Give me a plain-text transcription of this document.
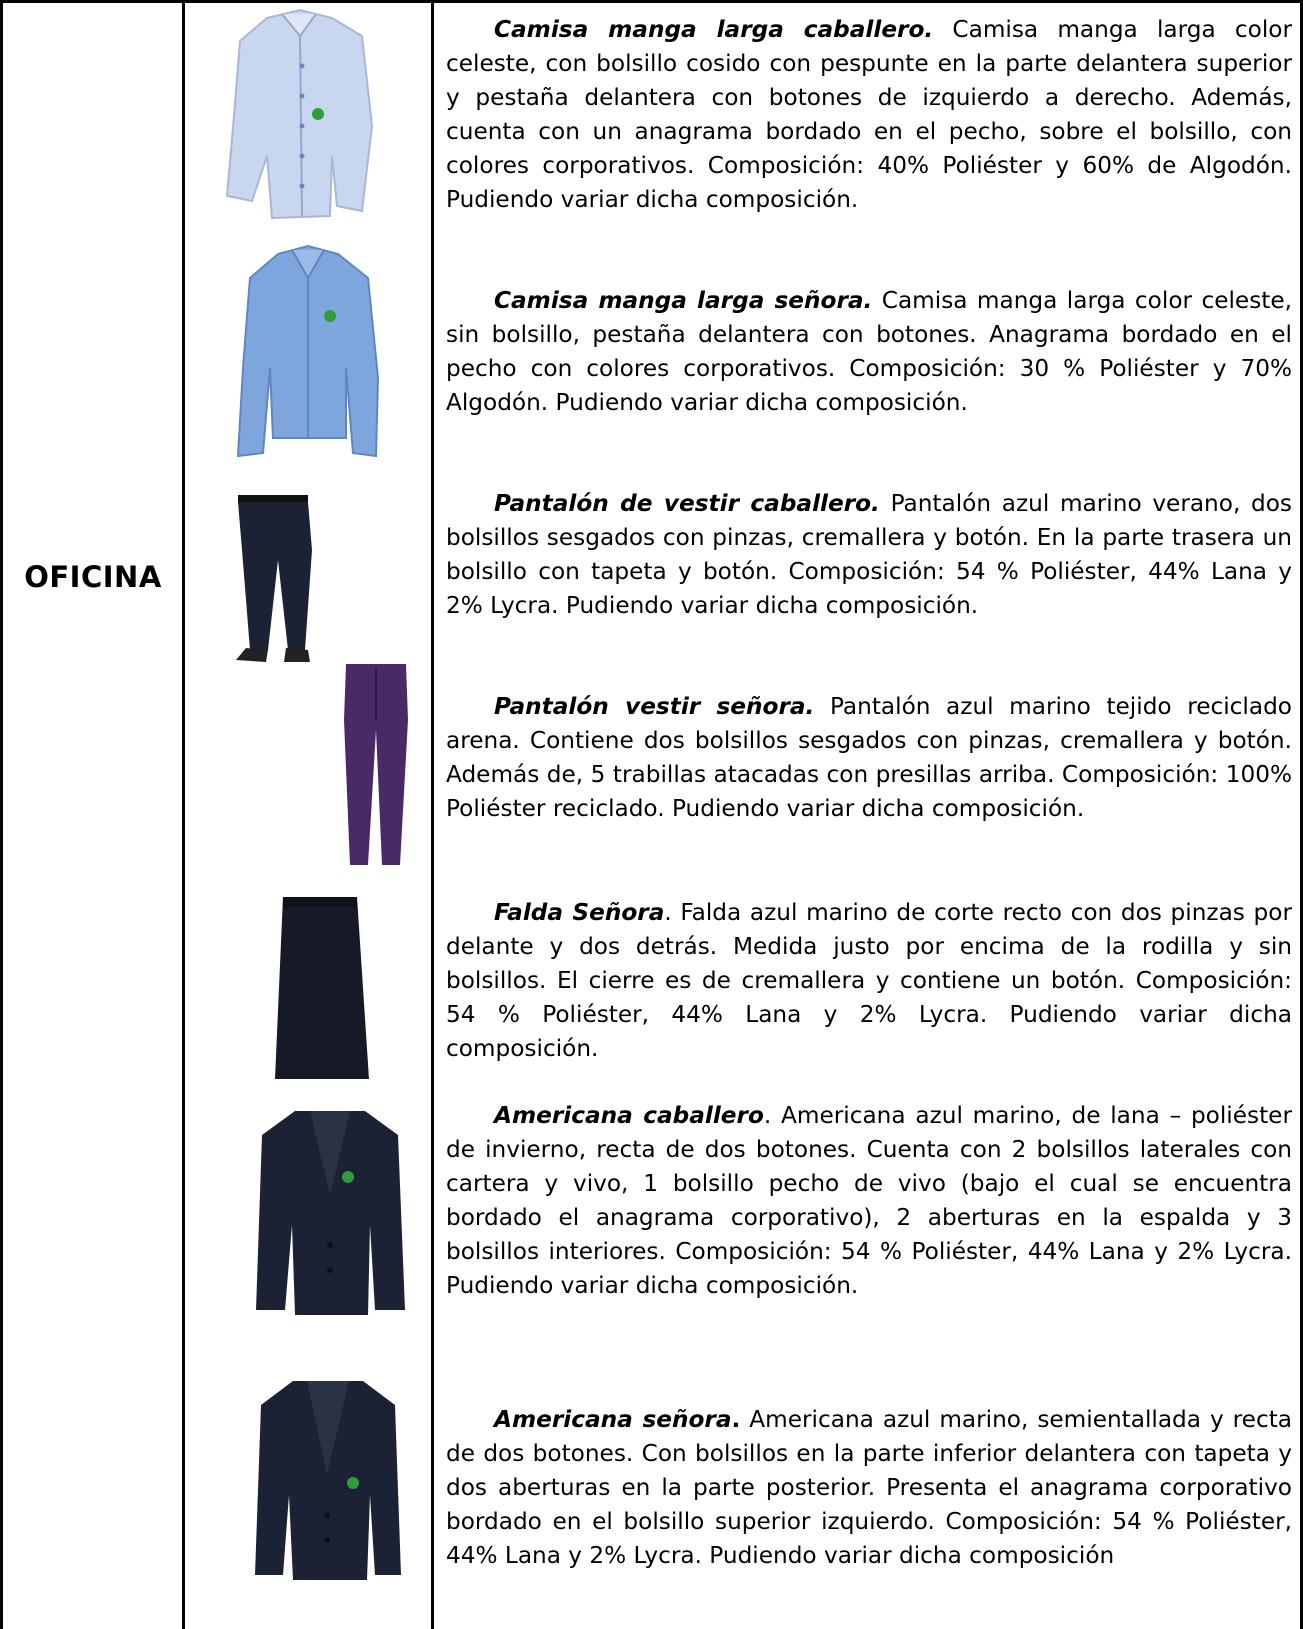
OFICINA

Camisa manga larga caballero. Camisa manga larga color celeste, con bolsillo cosido con pespunte en la parte delantera superior y pestaña delantera con botones de izquierdo a derecho. Además, cuenta con un anagrama bordado en el pecho, sobre el bolsillo, con colores corporativos. Composición: 40% Poliéster y 60% de Algodón. Pudiendo variar dicha composición.

Camisa manga larga señora. Camisa manga larga color celeste, sin bolsillo, pestaña delantera con botones. Anagrama bordado en el pecho con colores corporativos. Composición: 30 % Poliéster y 70% Algodón. Pudiendo variar dicha composición.

Pantalón de vestir caballero. Pantalón azul marino verano, dos bolsillos sesgados con pinzas, cremallera y botón. En la parte trasera un bolsillo con tapeta y botón. Composición: 54 % Poliéster, 44% Lana y 2% Lycra. Pudiendo variar dicha composición.

Pantalón vestir señora. Pantalón azul marino tejido reciclado arena. Contiene dos bolsillos sesgados con pinzas, cremallera y botón. Además de, 5 trabillas atacadas con presillas arriba. Composición: 100% Poliéster reciclado. Pudiendo variar dicha composición.

Falda Señora. Falda azul marino de corte recto con dos pinzas por delante y dos detrás. Medida justo por encima de la rodilla y sin bolsillos. El cierre es de cremallera y contiene un botón. Composición: 54 % Poliéster, 44% Lana y 2% Lycra. Pudiendo variar dicha composición.

Americana caballero. Americana azul marino, de lana – poliéster de invierno, recta de dos botones. Cuenta con 2 bolsillos laterales con cartera y vivo, 1 bolsillo pecho de vivo (bajo el cual se encuentra bordado el anagrama corporativo), 2 aberturas en la espalda y 3 bolsillos interiores. Composición: 54 % Poliéster, 44% Lana y 2% Lycra. Pudiendo variar dicha composición.

Americana señora. Americana azul marino, semientallada y recta de dos botones. Con bolsillos en la parte inferior delantera con tapeta y dos aberturas en la parte posterior. Presenta el anagrama corporativo bordado en el bolsillo superior izquierdo. Composición: 54 % Poliéster, 44% Lana y 2% Lycra. Pudiendo variar dicha composición
